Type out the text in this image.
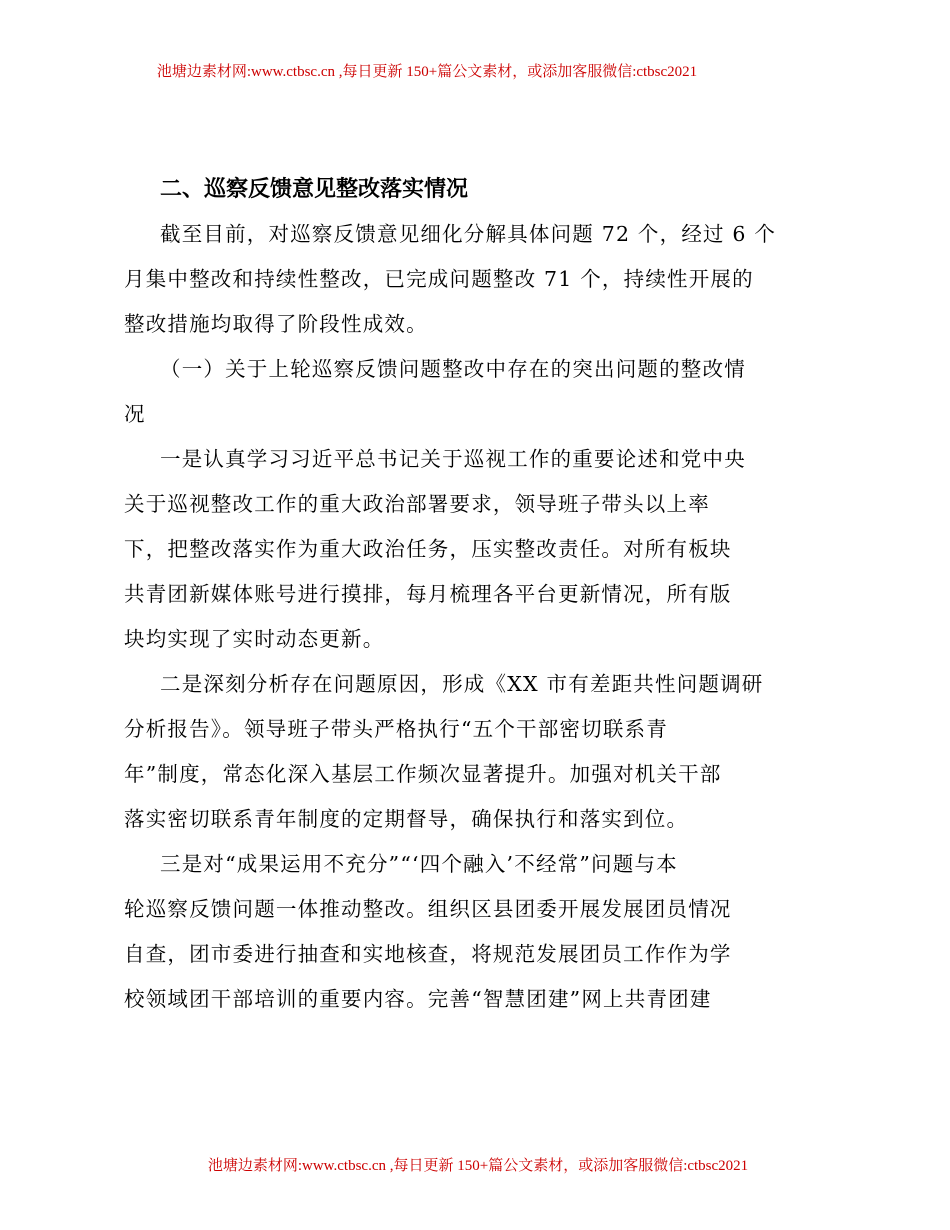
池塘边素材网:www.ctbsc.cn ,每日更新 150+篇公文素材，或添加客服微信:ctbsc2021
二、巡察反馈意见整改落实情况
截至目前，对巡察反馈意见细化分解具体问题 72 个，经过 6 个
月集中整改和持续性整改，已完成问题整改 71 个，持续性开展的
整改措施均取得了阶段性成效。
（一）关于上轮巡察反馈问题整改中存在的突出问题的整改情
况
一是认真学习习近平总书记关于巡视工作的重要论述和党中央
关于巡视整改工作的重大政治部署要求，领导班子带头以上率
下，把整改落实作为重大政治任务，压实整改责任。对所有板块
共青团新媒体账号进行摸排，每月梳理各平台更新情况，所有版
块均实现了实时动态更新。
二是深刻分析存在问题原因，形成《XX 市有差距共性问题调研
分析报告》。领导班子带头严格执行“五个干部密切联系青
年”制度，常态化深入基层工作频次显著提升。加强对机关干部
落实密切联系青年制度的定期督导，确保执行和落实到位。
三是对“成果运用不充分”“‘四个融入’不经常”问题与本
轮巡察反馈问题一体推动整改。组织区县团委开展发展团员情况
自查，团市委进行抽查和实地核查，将规范发展团员工作作为学
校领域团干部培训的重要内容。完善“智慧团建”网上共青团建
池塘边素材网:www.ctbsc.cn ,每日更新 150+篇公文素材，或添加客服微信:ctbsc2021
